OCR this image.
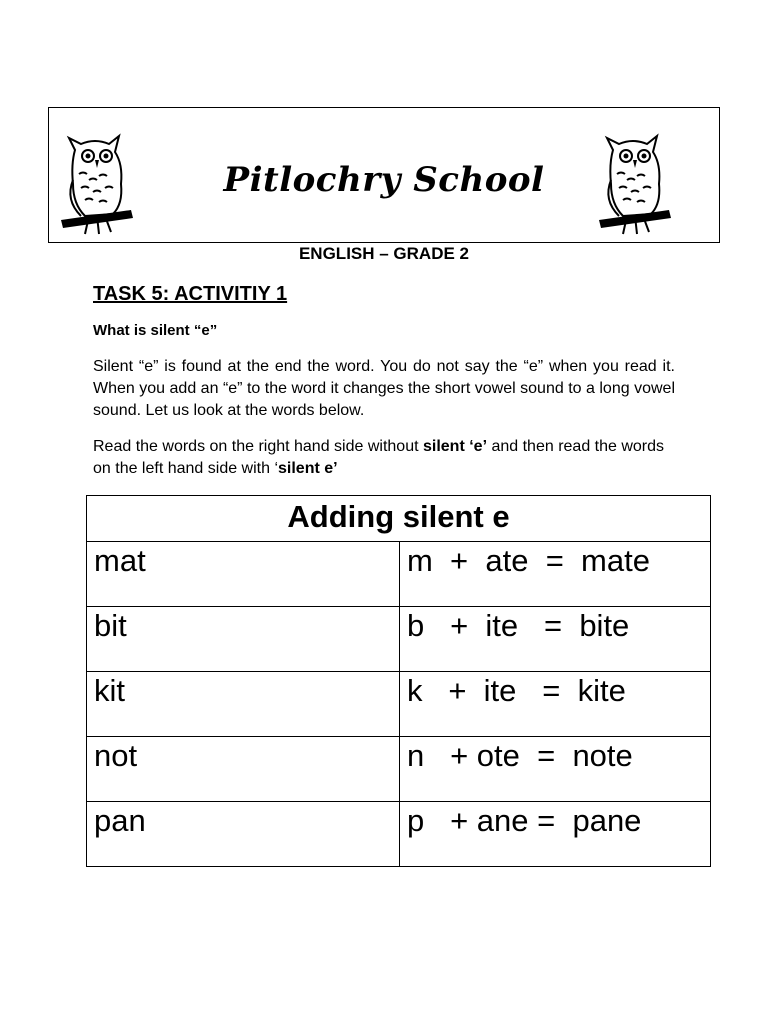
Pitlochry School
ENGLISH – GRADE 2
TASK 5: ACTIVITIY 1
What is silent “e”

Silent “e” is found at the end the word. You do not say the “e” when you read it. When you add an “e” to the word it changes the short vowel sound to a long vowel sound. Let us look at the words below.

Read the words on the right hand side without silent ‘e’ and then read the words on the left hand side with ‘silent e’

Adding silent e	
mat	m  +  ate  =  mate
bit	b   +  ite   =  bite
kit	k   +  ite   =  kite
not	n   + ote  =  note
pan	p   + ane =  pane
